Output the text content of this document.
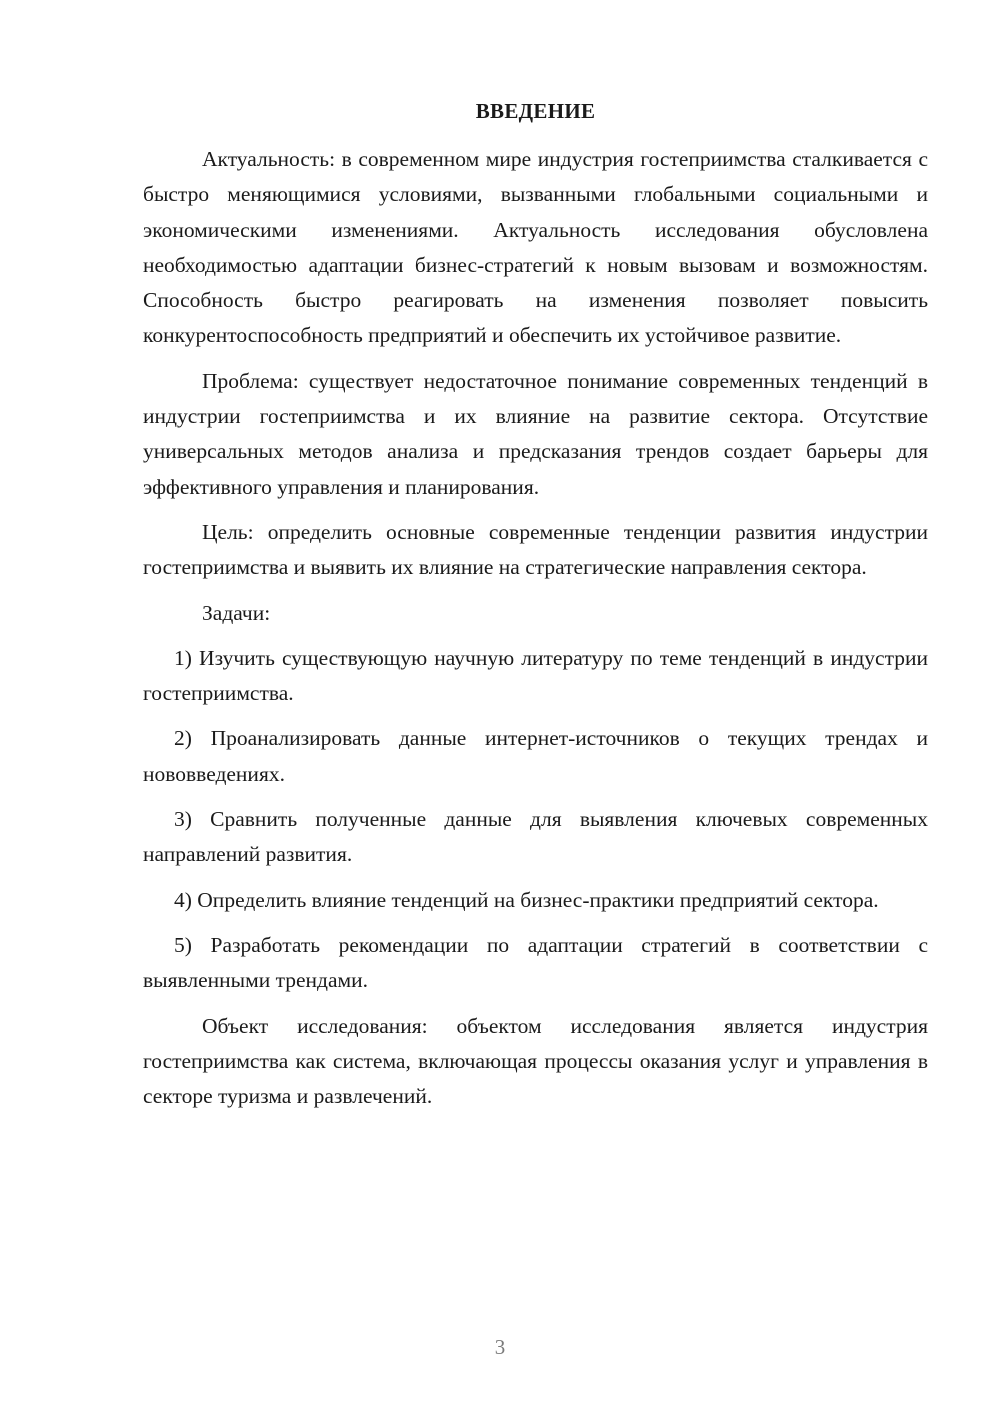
ВВЕДЕНИЕ

Актуальность: в современном мире индустрия гостеприимства сталкивается с быстро меняющимися условиями, вызванными глобальными социальными и экономическими изменениями. Актуальность исследования обусловлена необходимостью адаптации бизнес-стратегий к новым вызовам и возможностям. Способность быстро реагировать на изменения позволяет повысить конкурентоспособность предприятий и обеспечить их устойчивое развитие.

Проблема: существует недостаточное понимание современных тенденций в индустрии гостеприимства и их влияние на развитие сектора. Отсутствие универсальных методов анализа и предсказания трендов создает барьеры для эффективного управления и планирования.

Цель: определить основные современные тенденции развития индустрии гостеприимства и выявить их влияние на стратегические направления сектора.

Задачи:

1) Изучить существующую научную литературу по теме тенденций в индустрии гостеприимства.

2) Проанализировать данные интернет-источников о текущих трендах и нововведениях.

3) Сравнить полученные данные для выявления ключевых современных направлений развития.

4) Определить влияние тенденций на бизнес-практики предприятий сектора.

5) Разработать рекомендации по адаптации стратегий в соответствии с выявленными трендами.

Объект исследования: объектом исследования является индустрия гостеприимства как система, включающая процессы оказания услуг и управления в секторе туризма и развлечений.

3
